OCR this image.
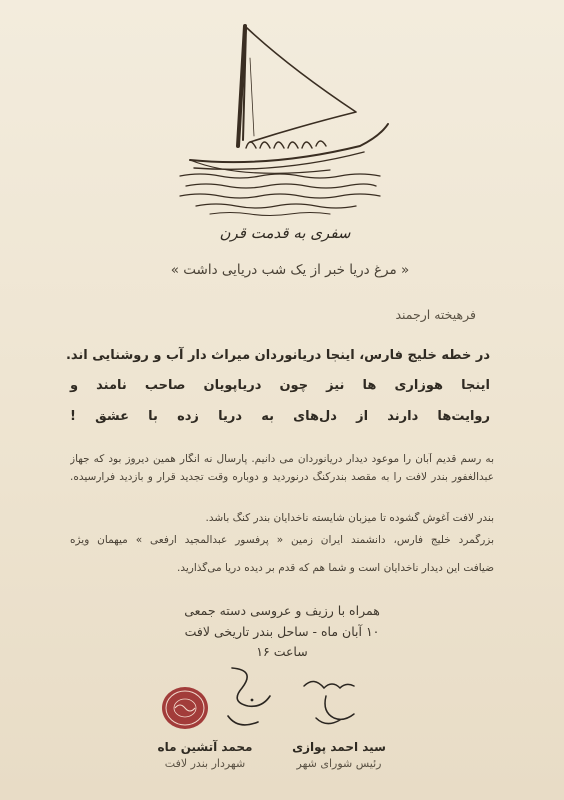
سفری به قدمت قرن
« مرغ دریا خبر از یک شب دریایی داشت »
فرهیخته ارجمند
در خطه خلیج فارس، اینجا دریانوردان میراث دار آب و روشنایی اند.
اینجا هوزاری ها نیز چون دریاپویان صاحب نامند و
روایت‌ها دارند از دل‌های به دریا زده با عشق !
به رسم قدیم آبان را موعود دیدار دریانوردان می دانیم. پارسال نه انگار همین دیروز بود که جهاز
عبدالغفور بندر لافت را به مقصد بندرکنگ درنوردید و دوباره وقت تجدید قرار و بازدید فرارسیده.
بندر لافت آغوش گشوده تا میزبان شایسته ناخدایان بندر کنگ باشد.
بزرگمرد خلیج فارس، دانشمند ایران زمین « پرفسور عبدالمجید ارفعی » میهمان ویژه
ضیافت این دیدار ناخدایان است و شما هم که قدم بر دیده دریا می‌گذارید.
همراه با رزیف و عروسی دسته جمعی
۱۰ آبان ماه - ساحل بندر تاریخی لافت
ساعت ۱۶
محمد آتشین ماه
شهردار بندر لافت
سید احمد پوازی
رئیس شورای شهر
